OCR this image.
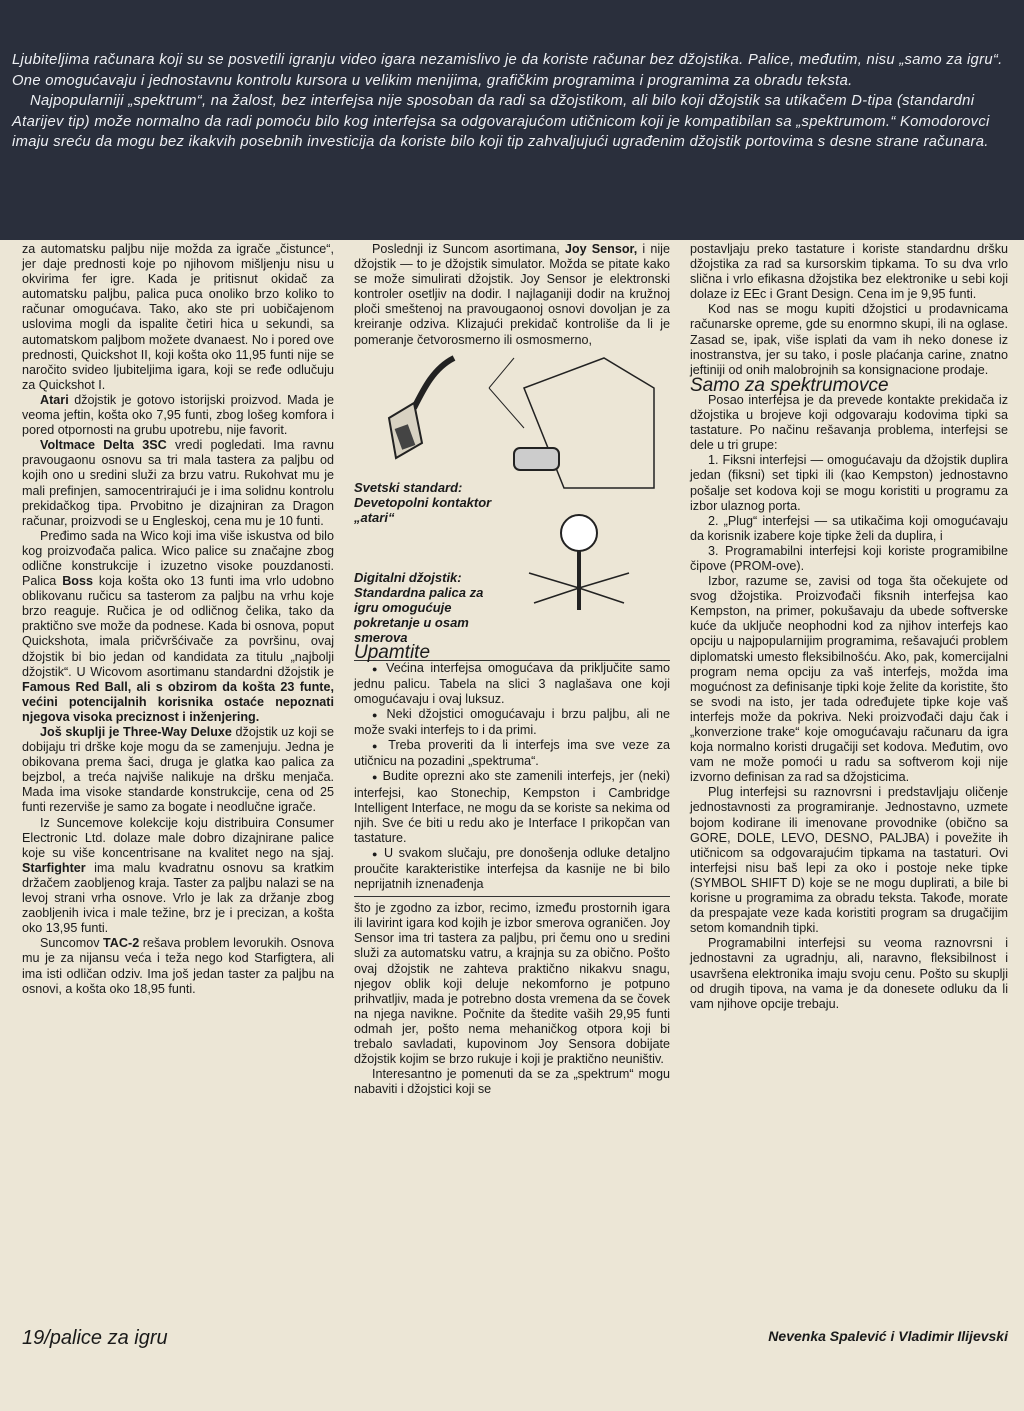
Ljubiteljima računara koji su se posvetili igranju video igara nezamislivo je da koriste računar bez džojstika. Palice, međutim, nisu „samo za igru“. One omogućavaju i jednostavnu kontrolu kursora u velikim menijima, grafičkim programima i programima za obradu teksta.

Najpopularniji „spektrum“, na žalost, bez interfejsa nije sposoban da radi sa džojstikom, ali bilo koji džojstik sa utikačem D-tipa (standardni Atarijev tip) može normalno da radi pomoću bilo kog interfejsa sa odgovarajućom utičnicom koji je kompatibilan sa „spektrumom.“ Komodorovci imaju sreću da mogu bez ikakvih posebnih investicija da koriste bilo koji tip zahvaljujući ugrađenim džojstik portovima s desne strane računara.

za automatsku paljbu nije možda za igrače „čistunce“, jer daje prednosti koje po njihovom mišljenju nisu u okvirima fer igre. Kada je pritisnut okidač za automatsku paljbu, palica puca onoliko brzo koliko to računar omogućava. Tako, ako ste pri uobičajenom uslovima mogli da ispalite četiri hica u sekundi, sa automatskom paljbom možete dvanaest. No i pored ove prednosti, Quickshot II, koji košta oko 11,95 funti nije se naročito svideo ljubiteljima igara, koji se ređe odlučuju za Quickshot I.

Atari džojstik je gotovo istorijski proizvod. Mada je veoma jeftin, košta oko 7,95 funti, zbog lošeg komfora i pored otpornosti na grubu upotrebu, nije favorit.

Voltmace Delta 3SC vredi pogledati. Ima ravnu pravougaonu osnovu sa tri mala tastera za paljbu od kojih ono u sredini služi za brzu vatru. Rukohvat mu je mali prefinjen, samocentrirajući je i ima solidnu kontrolu prekidačkog tipa. Prvobitno je dizajniran za Dragon računar, proizvodi se u Engleskoj, cena mu je 10 funti.

Pređimo sada na Wico koji ima više iskustva od bilo kog proizvođača palica. Wico palice su značajne zbog odlične konstrukcije i izuzetno visoke pouzdanosti. Palica Boss koja košta oko 13 funti ima vrlo udobno oblikovanu ručicu sa tasterom za paljbu na vrhu koje brzo reaguje. Ručica je od odličnog čelika, tako da praktično sve može da podnese. Kada bi osnova, poput Quickshota, imala pričvršćivače za površinu, ovaj džojstik bi bio jedan od kandidata za titulu „najbolji džojstik“. U Wicovom asortimanu standardni džojstik je Famous Red Ball, ali s obzirom da košta 23 funte, većini potencijalnih korisnika ostaće nepoznati njegova visoka preciznost i inženjering.

Još skuplji je Three-Way Deluxe džojstik uz koji se dobijaju tri drške koje mogu da se zamenjuju. Jedna je obikovana prema šaci, druga je glatka kao palica za bejzbol, a treća najviše nalikuje na dršku menjača. Mada ima visoke standarde konstrukcije, cena od 25 funti rezervišе je samo za bogate i neodlučne igrače.

Iz Suncemove kolekcije koju distribuira Consumer Electronic Ltd. dolaze male dobro dizajnirane palice koje su više koncentrisane na kvalitet nego na sjaj. Starfighter ima malu kvadratnu osnovu sa kratkim držačem zaobljenog kraja. Taster za paljbu nalazi se na levoj strani vrha osnove. Vrlo je lak za držanje zbog zaobljenih ivica i male težine, brz je i precizan, a košta oko 13,95 funti.

Suncomov TAC-2 rešava problem levorukih. Osnova mu je za nijansu veća i teža nego kod Starfigtera, ali ima isti odličan odziv. Ima još jedan taster za paljbu na osnovi, a košta oko 18,95 funti.

Poslednji iz Suncom asortimana, Joy Sensor, i nije džojstik — to je džojstik simulator. Možda se pitate kako se može simulirati džojstik. Joy Sensor je elektronski kontroler osetljiv na dodir. I najlaganiji dodir na kružnoj ploči smeštenoj na pravougaonoj osnovi dovoljan je za kreiranje odziva. Klizajući prekidač kontroliše da li je pomeranje četvorosmerno ili osmosmerno,

Svetski standard: Devetopolni kontaktor „atari“

Digitalni džojstik: Standardna palica za igru omogućuje pokretanje u osam smerova

Upamtite

● Većina interfejsa omogućava da priključite samo jednu palicu. Tabela na slici 3 naglašava one koji omogućavaju i ovaj luksuz.
● Neki džojstici omogućavaju i brzu paljbu, ali ne može svaki interfejs to i da primi.
● Treba proveriti da li interfejs ima sve veze za utičnicu na pozadini „spektruma“.
● Budite oprezni ako ste zamenili interfejs, jer (neki) interfejsi, kao Stonechip, Kempston i Cambridge Intelligent Interface, ne mogu da se koriste sa nekima od njih. Sve će biti u redu ako je Interface I prikopčan van tastature.
● U svakom slučaju, pre donošenja odluke detaljno proučite karakteristike interfejsa da kasnije ne bi bilo neprijatnih iznenađenja

što je zgodno za izbor, recimo, između prostornih igara ili lavirint igara kod kojih je izbor smerova ograničen. Joy Sensor ima tri tastera za paljbu, pri čemu ono u sredini služi za automatsku vatru, a krajnja su za obično. Pošto ovaj džojstik ne zahteva praktično nikakvu snagu, njegov oblik koji deluje nekomforno je potpuno prihvatljiv, mada je potrebno dosta vremena da se čovek na njega navikne. Počnite da štedite vaših 29,95 funti odmah jer, pošto nema mehaničkog otpora koji bi trebalo savladati, kupovinom Joy Sensora dobijate džojstik kojim se brzo rukuje i koji je praktično neuništiv.

Interesantno je pomenuti da se za „spektrum“ mogu nabaviti i džojstici koji se

postavljaju preko tastature i koriste standardnu dršku džojstika za rad sa kursorskim tipkama. To su dva vrlo slična i vrlo efikasna džojstika bez elektronike u sebi koji dolaze iz EEc i Grant Design. Cena im je 9,95 funti.

Kod nas se mogu kupiti džojstici u prodavnicama računarske opreme, gde su enormno skupi, ili na oglase. Zasad se, ipak, više isplati da vam ih neko donese iz inostranstva, jer su tako, i posle plaćanja carine, znatno jeftiniji od onih malobrojnih sa konsignacione prodaje.

Samo za spektrumovce

Posao interfejsa je da prevede kontakte prekidača iz džojstika u brojeve koji odgovaraju kodovima tipki sa tastature. Po načinu rešavanja problema, interfejsi se dele u tri grupe:

1. Fiksni interfejsi — omogućavaju da džojstik duplira jedan (fiksni) set tipki ili (kao Kempston) jednostavno pošalje set kodova koji se mogu koristiti u programu za izbor ulaznog porta.

2. „Plug“ interfejsi — sa utikačima koji omogućavaju da korisnik izabere koje tipke želi da duplira, i

3. Programabilni interfejsi koji koriste programibilne čipove (PROM-ove).

Izbor, razume se, zavisi od toga šta očekujete od svog džojstika. Proizvođači fiksnih interfejsa kao Kempston, na primer, pokušavaju da ubede softverske kuće da uključe neophodni kod za njihov interfejs kao opciju u najpopularnijim programima, rešavajući problem diplomatski umesto fleksibilnošću. Ako, pak, komercijalni program nema opciju za vaš interfejs, možda ima mogućnost za definisanje tipki koje želite da koristite, što se svodi na isto, jer tada određujete tipke koje vaš interfejs može da pokriva. Neki proizvođači daju čak i „konverzione trake“ koje omogućavaju računaru da igra koja normalno koristi drugačiji set kodova. Međutim, ovo vam ne može pomoći u radu sa softverom koji nije izvorno definisan za rad sa džojsticima.

Plug interfejsi su raznovrsni i predstavljaju oličenje jednostavnosti za programiranje. Jednostavno, uzmete bojom kodirane ili imenovane provodnike (obično sa GORE, DOLE, LEVO, DESNO, PALJBA) i povežite ih utičnicom sa odgovarajućim tipkama na tastaturi. Ovi interfejsi nisu baš lepi za oko i postoje neke tipke (SYMBOL SHIFT D) koje se ne mogu duplirati, a bile bi korisne u programima za obradu teksta. Takođe, morate da prespajate veze kada koristiti program sa drugačijim setom komandnih tipki.

Programabilni interfejsi su veoma raznovrsni i jednostavni za ugradnju, ali, naravno, fleksibilnost i usavršena elektronika imaju svoju cenu. Pošto su skuplji od drugih tipova, na vama je da donesete odluku da li vam njihove opcije trebaju.

19/palice za igru	Nevenka Spalević i Vladimir Ilijevski
